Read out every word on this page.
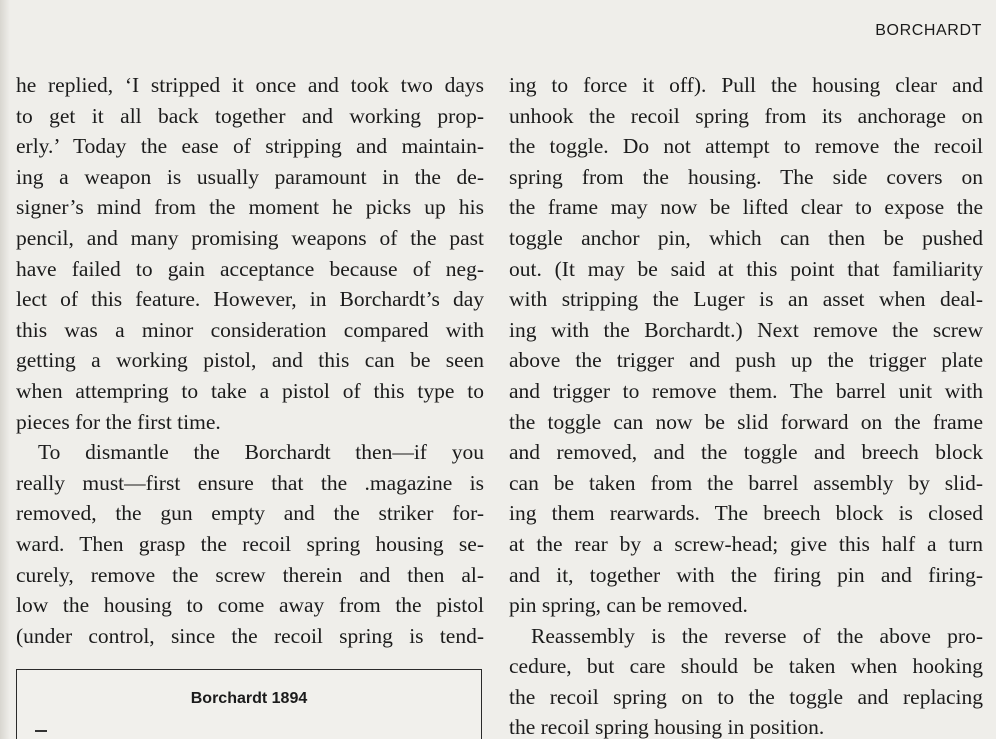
BORCHARDT

he replied, ‘I stripped it once and took two days
to get it all back together and working prop-
erly.’ Today the ease of stripping and maintain-
ing a weapon is usually paramount in the de-
signer’s mind from the moment he picks up his
pencil, and many promising weapons of the past
have failed to gain acceptance because of neg-
lect of this feature. However, in Borchardt’s day
this was a minor consideration compared with
getting a working pistol, and this can be seen
when attempring to take a pistol of this type to
pieces for the first time.

To dismantle the Borchardt then—if you
really must—first ensure that the .magazine is
removed, the gun empty and the striker for-
ward. Then grasp the recoil spring housing se-
curely, remove the screw therein and then al-
low the housing to come away from the pistol
(under control, since the recoil spring is tend-

ing to force it off). Pull the housing clear and
unhook the recoil spring from its anchorage on
the toggle. Do not attempt to remove the recoil
spring from the housing. The side covers on
the frame may now be lifted clear to expose the
toggle anchor pin, which can then be pushed
out. (It may be said at this point that familiarity
with stripping the Luger is an asset when deal-
ing with the Borchardt.) Next remove the screw
above the trigger and push up the trigger plate
and trigger to remove them. The barrel unit with
the toggle can now be slid forward on the frame
and removed, and the toggle and breech block
can be taken from the barrel assembly by slid-
ing them rearwards. The breech block is closed
at the rear by a screw-head; give this half a turn
and it, together with the firing pin and firing-
pin spring, can be removed.

Reassembly is the reverse of the above pro-
cedure, but care should be taken when hooking
the recoil spring on to the toggle and replacing
the recoil spring housing in position.

Borchardt 1894
